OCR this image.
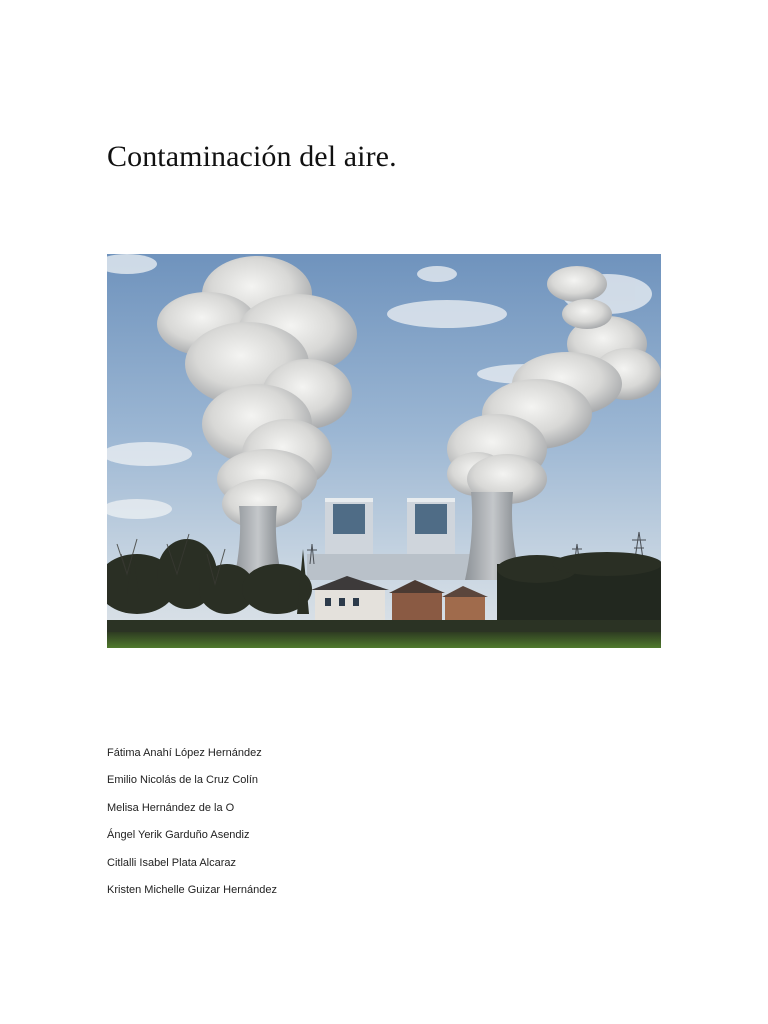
Contaminación del aire.
Fátima Anahí López Hernández
Emilio Nicolás de la Cruz Colín
Melisa Hernández de la O
Ángel Yerik Garduño Asendiz
Citlalli Isabel Plata Alcaraz
Kristen Michelle Guizar Hernández
